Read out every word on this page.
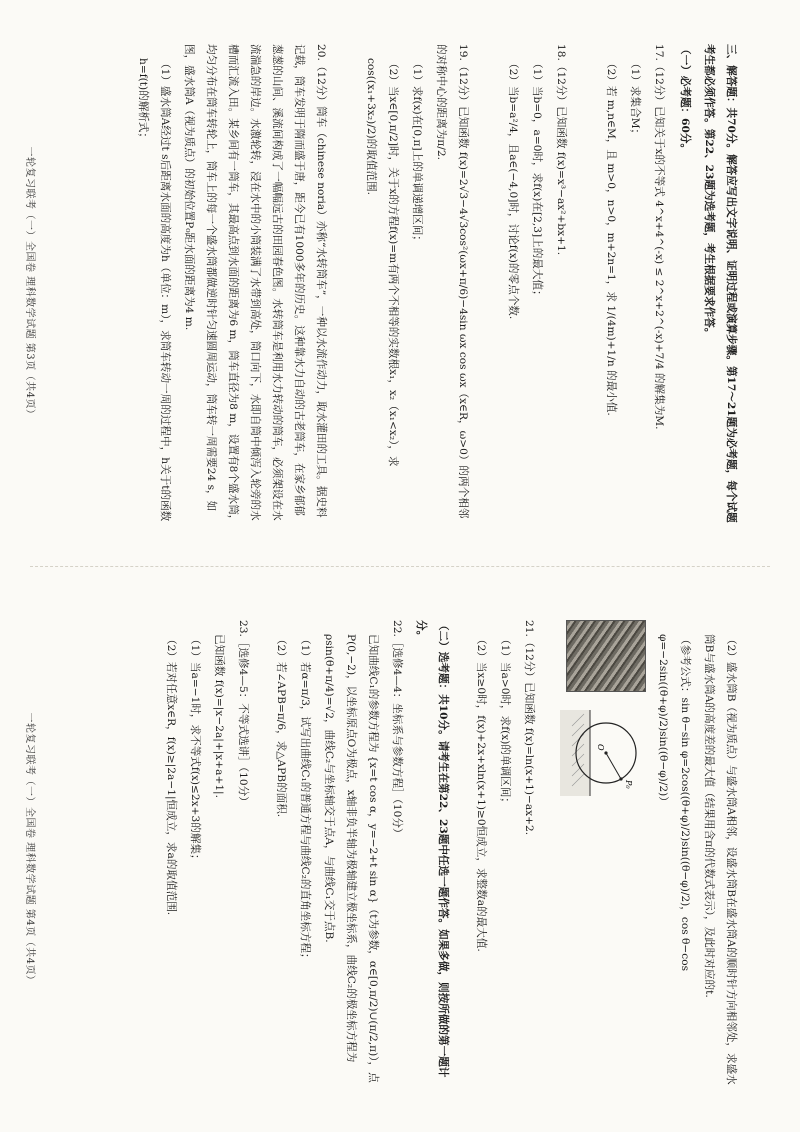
三、解答题：共70分。解答应写出文字说明、证明过程或演算步骤。第17～21题为必考题，每个试题考生都必须作答。第22、23题为选考题，考生根据要求作答。

（一）必考题：60分。

17.（12分）已知关于x的不等式 4^x+4^(-x) ≤ 2^x+2^(-x)+7/4 的解集为M.

（1）求集合M；

（2）若 m,n∈M，且 m>0，n>0，m+2n=1，求 1/(4m)+1/n 的最小值.

18.（12分）已知函数 f(x)=x³−ax²+bx+1.

（1）当b=0，a=0时，求f(x)在[2,3]上的最大值；

（2）当b=a²/4，且a∈(−4,0]时，讨论f(x)的零点个数.

19.（12分）已知函数 f(x)=2√3−4√3cos²(ωx+π/6)−4sin ωx cos ωx（x∈R，ω>0）的两个相邻的对称中心的距离为π/2.

（1）求f(x)在[0,π]上的单调递增区间；

（2）当x∈[0,π/2]时，关于x的方程f(x)=m有两个不相等的实数根x₁，x₂（x₁<x₂），求cos((x₁+3x₂)/2)的取值范围.

20.（12分）筒车（chinese noria）亦称“水转筒车”，一种以水流作动力，取水灌田的工具。据史料记载，筒车发明于隋而盛于唐，距今已有1000多年的历史。这种靠水力自动的古老筒车，在家乡郁郁葱葱的山间、溪流间构成了一幅幅远古的田园春色图。水转筒车是利用水力转动的筒车，必须架设在水流湍急的岸边。水激轮转，浸在水中的小筒装满了水带到高处，筒口向下，水即自筒中倾泻入轮旁的水槽而汇流入田。某乡间有一筒车，其最高点到水面的距离为6 m，筒车直径为8 m，设置有8个盛水筒，均匀分布在筒车转轮上，筒车上的每一个盛水筒都做逆时针匀速圆周运动，筒车转一周需要24 s，如图，盛水筒A（视为质点）的初始位置P₀距水面的距离为4 m.

（1）盛水筒A经过t s后距离水面的高度为h（单位：m），求筒车转动一周的过程中，h关于t的函数h=f(t)的解析式；

一轮复习联考（一）全国卷 理科数学试题 第3页（共4页）

（2）盛水筒B（视为质点）与盛水筒A相邻，设盛水筒B在盛水筒A的顺时针方向相邻处，求盛水筒B与盛水筒A的高度差的最大值（结果用含π的代数式表示），及此时对应的t.

（参考公式：sin θ−sin φ=2cos((θ+φ)/2)sin((θ−φ)/2)，cos θ−cos φ=−2sin((θ+φ)/2)sin((θ−φ)/2)）

O
P₀

21.（12分）已知函数 f(x)=ln(x+1)−ax+2.

（1）当a>0时，求f(x)的单调区间；

（2）当x≥0时，f(x)+2x+xln(x+1)≥0恒成立，求整数a的最大值.

（二）选考题：共10分。请考生在第22、23题中任选一题作答。如果多做，则按所做的第一题计分。

22.［选修4—4：坐标系与参数方程］（10分）

已知曲线C₁的参数方程为 {x=t cos α，y=−2+t sin α}（t为参数，α∈[0,π/2)∪(π/2,π)），点P(0,−2)，以坐标原点O为极点，x轴非负半轴为极轴建立极坐标系，曲线C₂的极坐标方程为 ρsin(θ+π/4)=√2，曲线C₂与坐标轴交于点A，与曲线C₁交于点B.

（1）若α=π/3，试写出曲线C₁的普通方程与曲线C₂的直角坐标方程；

（2）若∠APB=π/6，求△APB的面积.

23.［选修4—5：不等式选讲］（10分）

已知函数 f(x)=|x−2a|+|x+a+1|.

（1）当a=−1时，求不等式f(x)≤2x+3的解集；

（2）若对任意x∈R，f(x)≥|2a−1|恒成立，求a的取值范围.

一轮复习联考（一）全国卷 理科数学试题 第4页（共4页）
